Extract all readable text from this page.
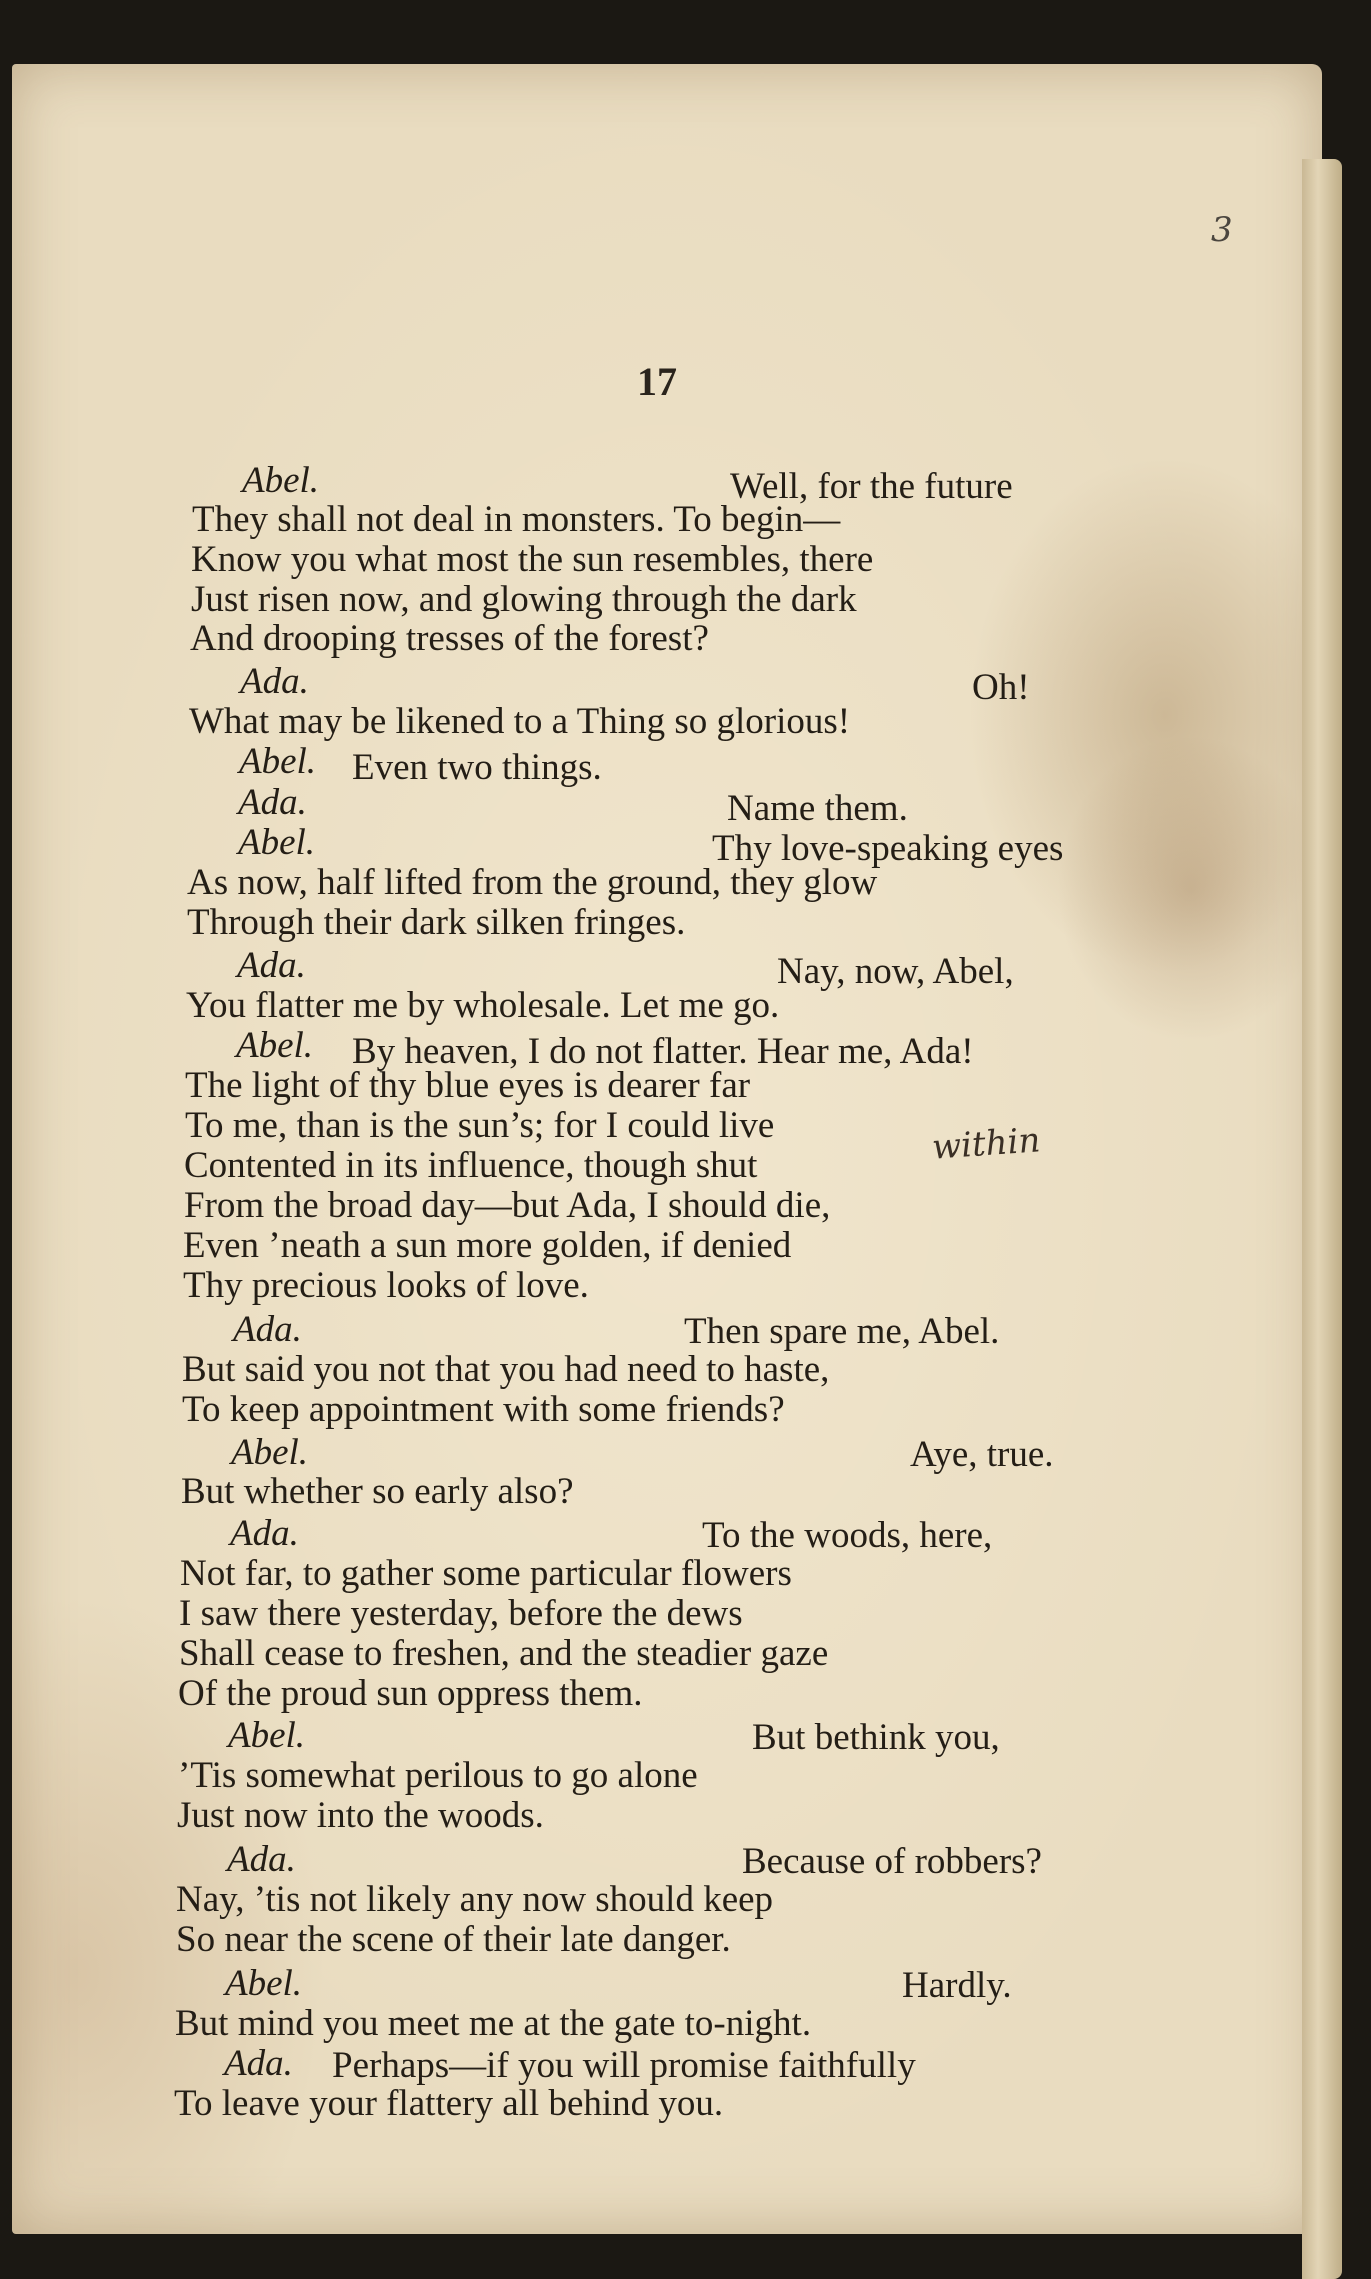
3
17
within
Abel.	Well, for the future
They shall not deal in monsters. To begin—
Know you what most the sun resembles, there
Just risen now, and glowing through the dark
And drooping tresses of the forest?
Ada.	Oh!
What may be likened to a Thing so glorious!
Abel. Even two things.
Ada.	Name them.
Abel.	Thy love-speaking eyes
As now, half lifted from the ground, they glow
Through their dark silken fringes.
Ada.	Nay, now, Abel,
You flatter me by wholesale. Let me go.
Abel. By heaven, I do not flatter. Hear me, Ada!
The light of thy blue eyes is dearer far
To me, than is the sun’s; for I could live
Contented in its influence, though shut
From the broad day—but Ada, I should die,
Even ’neath a sun more golden, if denied
Thy precious looks of love.
Ada.	Then spare me, Abel.
But said you not that you had need to haste,
To keep appointment with some friends?
Abel.	Aye, true.
But whether so early also?
Ada.	To the woods, here,
Not far, to gather some particular flowers
I saw there yesterday, before the dews
Shall cease to freshen, and the steadier gaze
Of the proud sun oppress them.
Abel.	But bethink you,
’Tis somewhat perilous to go alone
Just now into the woods.
Ada.	Because of robbers?
Nay, ’tis not likely any now should keep
So near the scene of their late danger.
Abel.	Hardly.
But mind you meet me at the gate to-night.
Ada. Perhaps—if you will promise faithfully
To leave your flattery all behind you.
